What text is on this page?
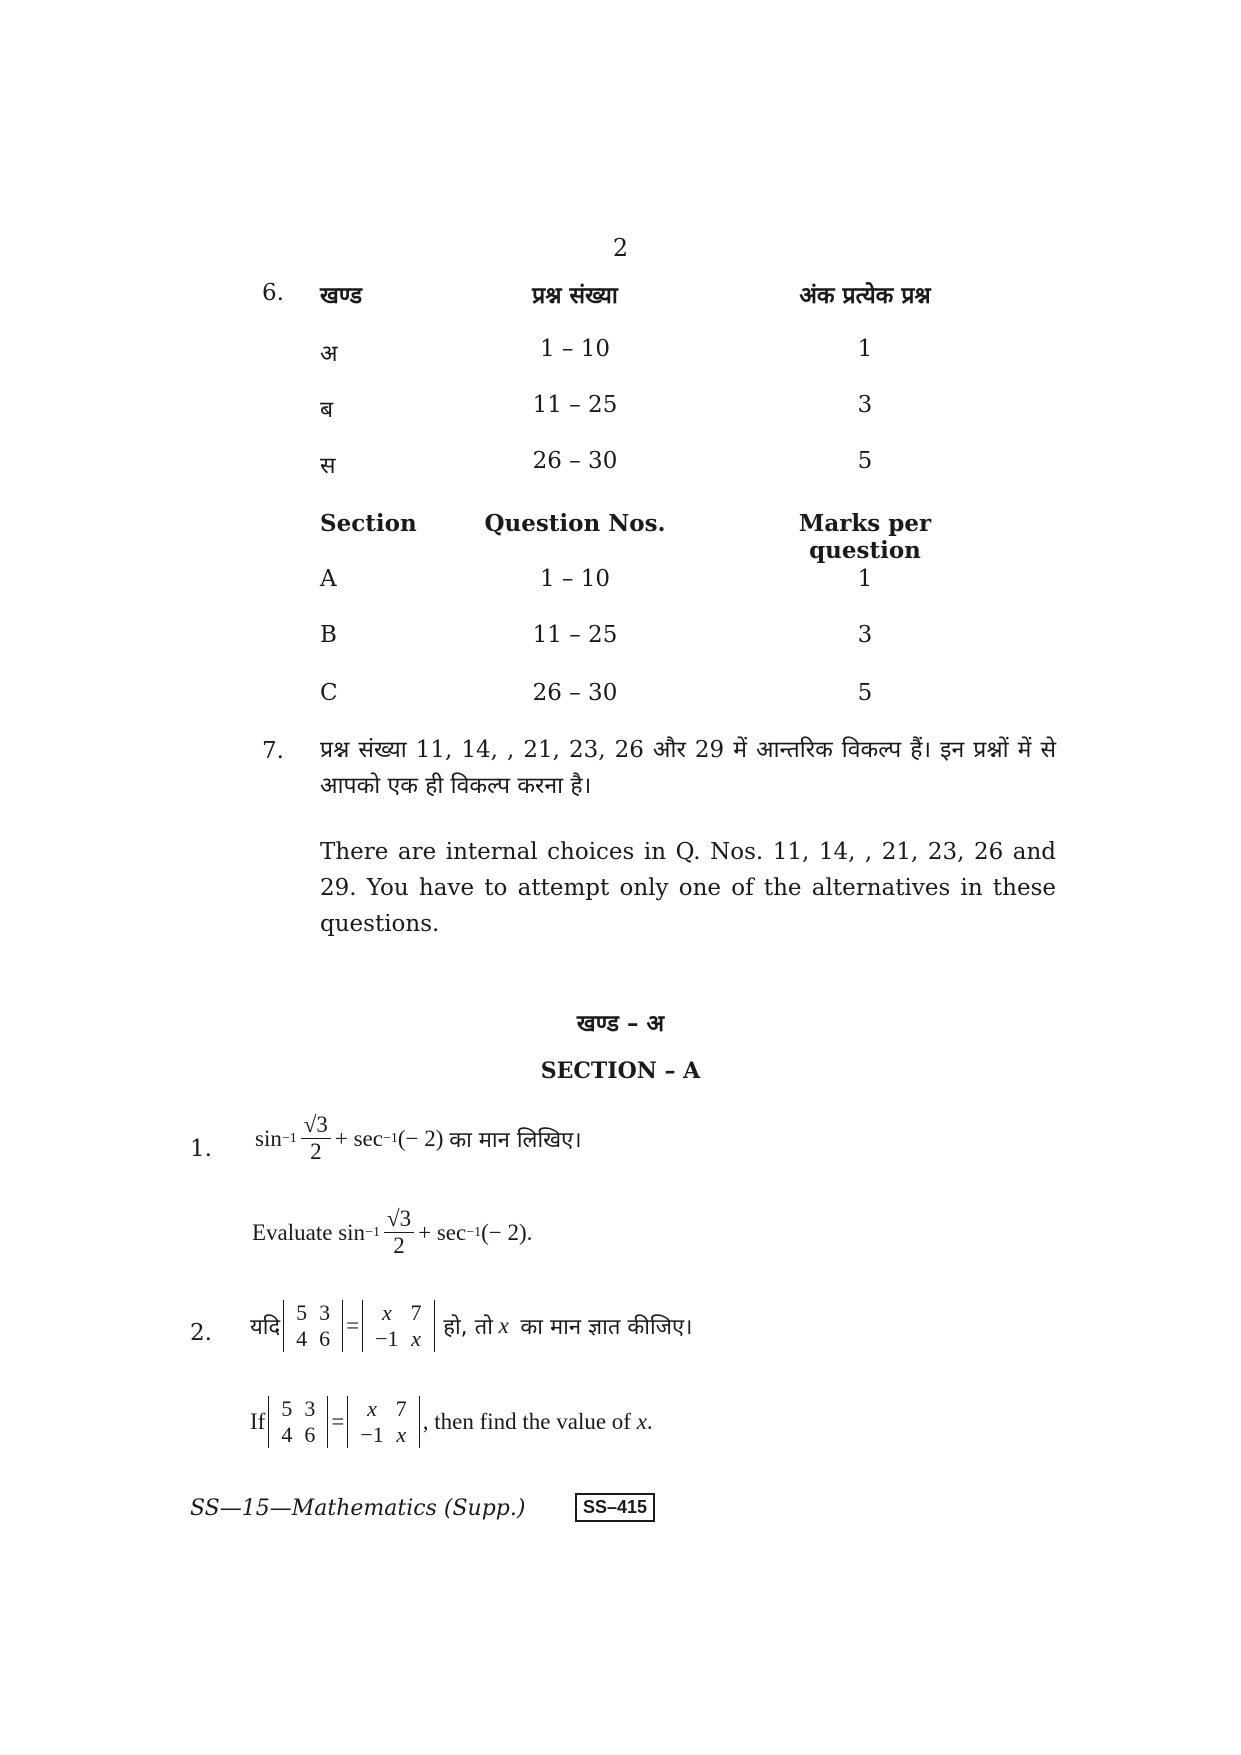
2
6. खण्ड	प्रश्न संख्या	अंक प्रत्येक प्रश्न
अ	1 – 10	1
ब	11 – 25	3
स	26 – 30	5
Section	Question Nos.	Marks per question
A	1 – 10	1
B	11 – 25	3
C	26 – 30	5
7. प्रश्न संख्या 11, 14, , 21, 23, 26 और 29 में आन्तरिक विकल्प हैं। इन प्रश्नों में से आपको एक ही विकल्प करना है।
There are internal choices in Q. Nos. 11, 14, , 21, 23, 26 and 29. You have to attempt only one of the alternatives in these questions.
खण्ड – अ
SECTION – A
1. $\sin -1 \frac{√3}{2}$ +
sec −1 (− 2)
का मान लिखिए।
Evaluate
$\sin -1 \frac{√3}{2}$ +
sec −1 (− 2).
2. यदि
5	3
4	6
=
x	7
−1	x
हो, तो
x
का मान ज्ञात कीजिए।
If
5	3
4	6
=
x	7
−1	x
, then find the value of
x .
SS—15—Mathematics (Supp.)	SS–415
